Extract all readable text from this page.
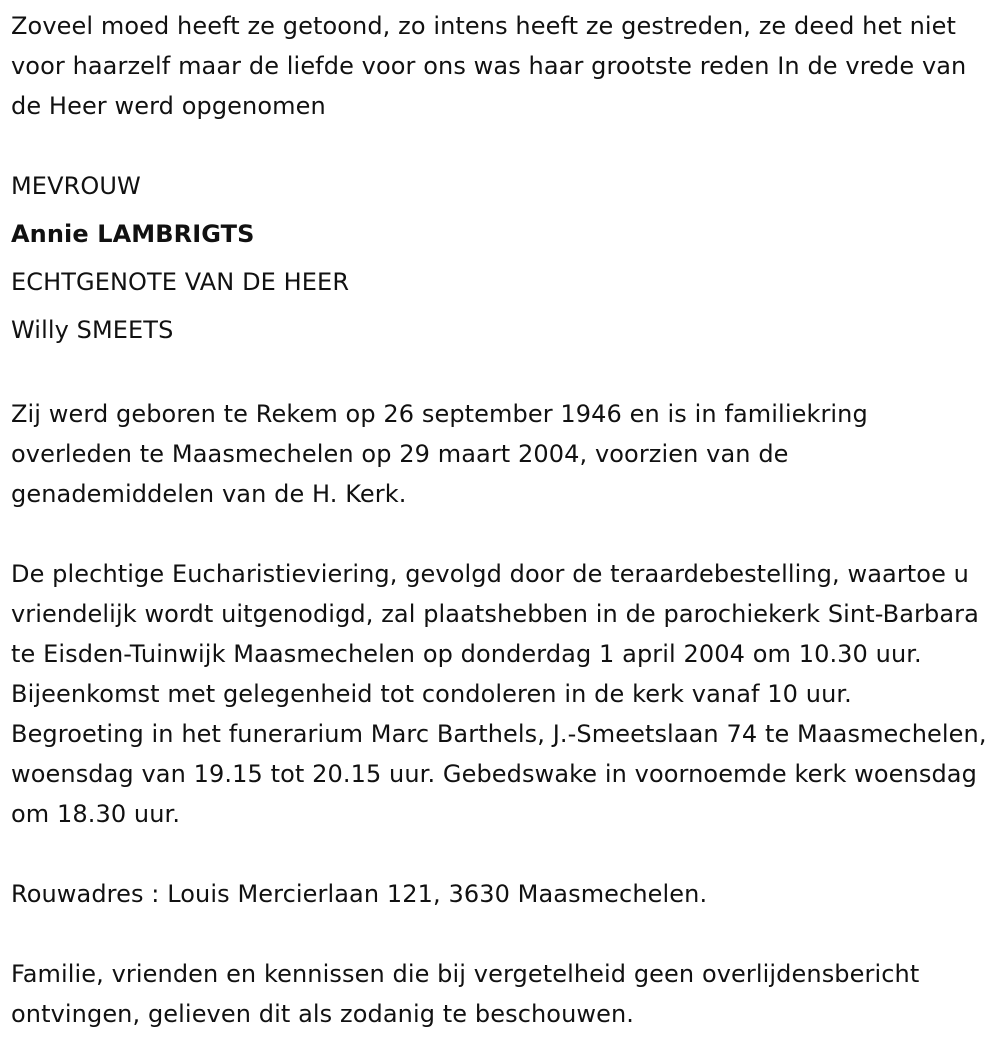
Zoveel moed heeft ze getoond, zo intens heeft ze gestreden, ze deed het niet voor haarzelf maar de liefde voor ons was haar grootste reden In de vrede van de Heer werd opgenomen

MEVROUW
Annie LAMBRIGTS
ECHTGENOTE VAN DE HEER
Willy SMEETS

Zij werd geboren te Rekem op 26 september 1946 en is in familiekring overleden te Maasmechelen op 29 maart 2004, voorzien van de genademiddelen van de H. Kerk.

De plechtige Eucharistieviering, gevolgd door de teraardebestelling, waartoe u vriendelijk wordt uitgenodigd, zal plaatshebben in de parochiekerk Sint-Barbara te Eisden-Tuinwijk Maasmechelen op donderdag 1 april 2004 om 10.30 uur. Bijeenkomst met gelegenheid tot condoleren in de kerk vanaf 10 uur. Begroeting in het funerarium Marc Barthels, J.-Smeetslaan 74 te Maasmechelen, woensdag van 19.15 tot 20.15 uur. Gebedswake in voornoemde kerk woensdag om 18.30 uur.

Rouwadres : Louis Mercierlaan 121, 3630 Maasmechelen.

Familie, vrienden en kennissen die bij vergetelheid geen overlijdensbericht ontvingen, gelieven dit als zodanig te beschouwen.
